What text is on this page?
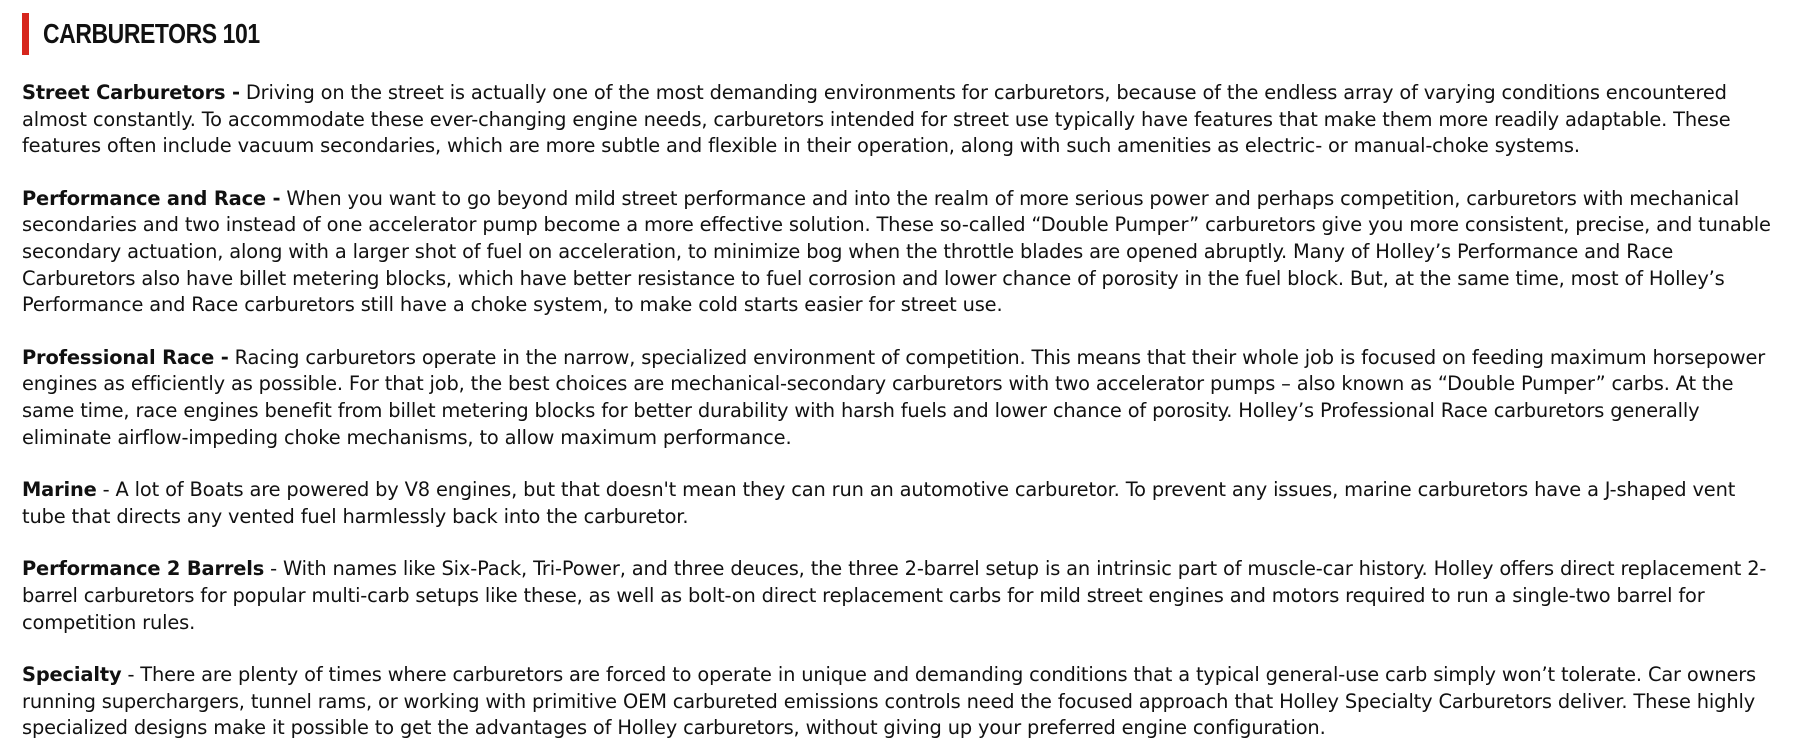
CARBURETORS 101

Street Carburetors - Driving on the street is actually one of the most demanding environments for carburetors, because of the endless array of varying conditions encountered almost constantly. To accommodate these ever-changing engine needs, carburetors intended for street use typically have features that make them more readily adaptable. These features often include vacuum secondaries, which are more subtle and flexible in their operation, along with such amenities as electric- or manual-choke systems.

Performance and Race - When you want to go beyond mild street performance and into the realm of more serious power and perhaps competition, carburetors with mechanical secondaries and two instead of one accelerator pump become a more effective solution. These so-called “Double Pumper” carburetors give you more consistent, precise, and tunable secondary actuation, along with a larger shot of fuel on acceleration, to minimize bog when the throttle blades are opened abruptly. Many of Holley’s Performance and Race Carburetors also have billet metering blocks, which have better resistance to fuel corrosion and lower chance of porosity in the fuel block. But, at the same time, most of Holley’s Performance and Race carburetors still have a choke system, to make cold starts easier for street use.

Professional Race - Racing carburetors operate in the narrow, specialized environment of competition. This means that their whole job is focused on feeding maximum horsepower engines as efficiently as possible. For that job, the best choices are mechanical-secondary carburetors with two accelerator pumps – also known as “Double Pumper” carbs. At the same time, race engines benefit from billet metering blocks for better durability with harsh fuels and lower chance of porosity. Holley’s Professional Race carburetors generally eliminate airflow-impeding choke mechanisms, to allow maximum performance.

Marine - A lot of Boats are powered by V8 engines, but that doesn't mean they can run an automotive carburetor. To prevent any issues, marine carburetors have a J-shaped vent tube that directs any vented fuel harmlessly back into the carburetor.

Performance 2 Barrels - With names like Six-Pack, Tri-Power, and three deuces, the three 2-barrel setup is an intrinsic part of muscle-car history. Holley offers direct replacement 2-barrel carburetors for popular multi-carb setups like these, as well as bolt-on direct replacement carbs for mild street engines and motors required to run a single-two barrel for competition rules.

Specialty - There are plenty of times where carburetors are forced to operate in unique and demanding conditions that a typical general-use carb simply won’t tolerate. Car owners running superchargers, tunnel rams, or working with primitive OEM carbureted emissions controls need the focused approach that Holley Specialty Carburetors deliver. These highly specialized designs make it possible to get the advantages of Holley carburetors, without giving up your preferred engine configuration.
